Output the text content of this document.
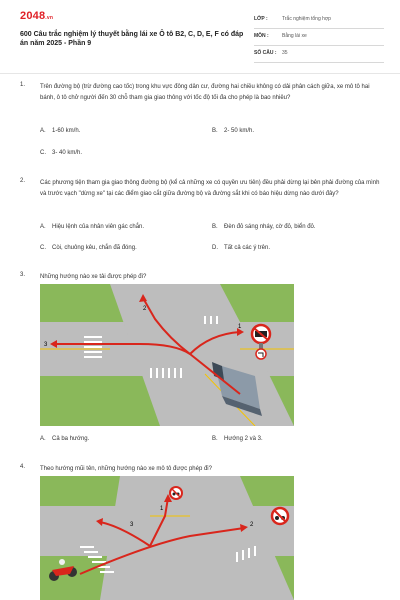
2048.vn
600 Câu trắc nghiệm lý thuyết bằng lái xe Ô tô B2, C, D, E, F có đáp án năm 2025 - Phần 9
LỚP :	Trắc nghiệm tổng hợp
MÔN :	Bằng lái xe
SỐ CÂU :	35
1. Trên đường bộ (trừ đường cao tốc) trong khu vực đông dân cư, đường hai chiều không có dải phân cách giữa, xe mô tô hai bánh, ô tô chở người đến 30 chỗ tham gia giao thông với tốc độ tối đa cho phép là bao nhiêu?
A. 1-60 km/h.	B. 2- 50 km/h.
C. 3- 40 km/h.
2. Các phương tiện tham gia giao thông đường bộ (kể cả những xe có quyền ưu tiên) đều phải dừng lại bên phải đường của mình và trước vạch "dừng xe" tại các điểm giao cắt giữa đường bộ và đường sắt khi có báo hiệu dừng nào dưới đây?
A. Hiệu lệnh của nhân viên gác chắn.	B. Đèn đỏ sáng nháy, cờ đỏ, biển đỏ.
C. Còi, chuông kêu, chắn đã đóng.	D. Tất cả các ý trên.
3. Những hướng nào xe tải được phép đi?
2
1
3
A. Cả ba hướng.	B. Hướng 2 và 3.
4. Theo hướng mũi tên, những hướng nào xe mô tô được phép đi?
2
3
1
